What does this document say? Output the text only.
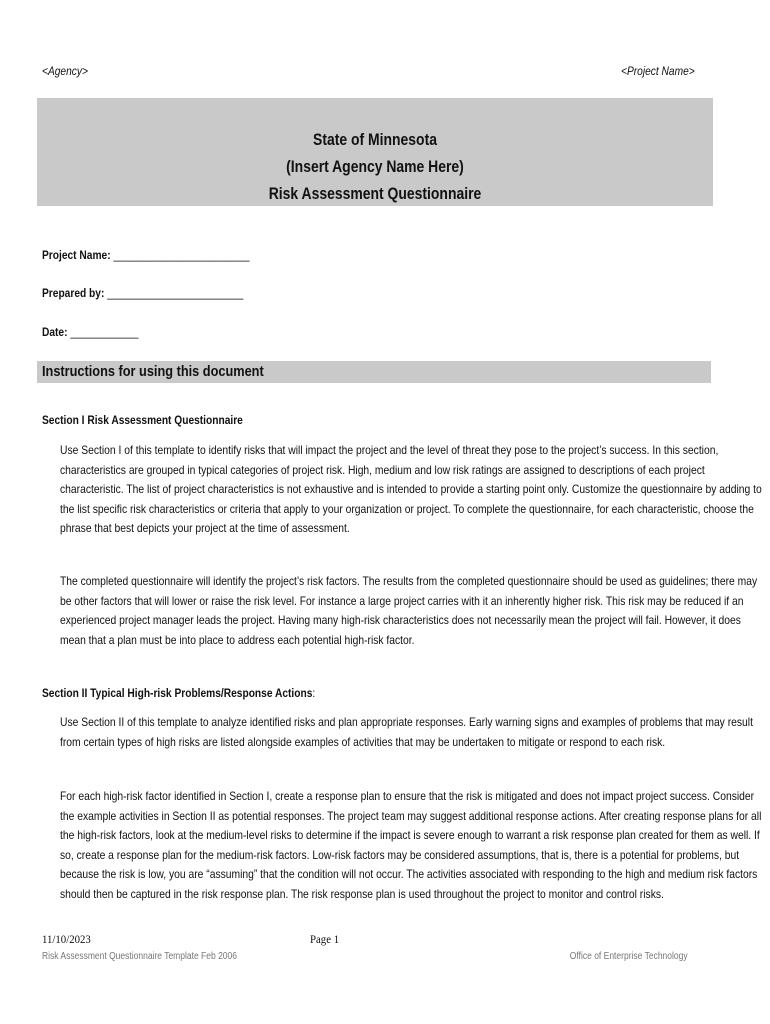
<Agency>	<Project Name>
State of Minnesota
(Insert Agency Name Here)
Risk Assessment Questionnaire
Project Name: ________________________
Prepared by: ________________________
Date: ____________
Instructions for using this document
Section I Risk Assessment Questionnaire
Use Section I of this template to identify risks that will impact the project and the level of threat they pose to the project’s success. In this section,
characteristics are grouped in typical categories of project risk. High, medium and low risk ratings are assigned to descriptions of each project
characteristic. The list of project characteristics is not exhaustive and is intended to provide a starting point only. Customize the questionnaire by adding to
the list specific risk characteristics or criteria that apply to your organization or project. To complete the questionnaire, for each characteristic, choose the
phrase that best depicts your project at the time of assessment.
The completed questionnaire will identify the project’s risk factors. The results from the completed questionnaire should be used as guidelines; there may
be other factors that will lower or raise the risk level. For instance a large project carries with it an inherently higher risk. This risk may be reduced if an
experienced project manager leads the project. Having many high-risk characteristics does not necessarily mean the project will fail. However, it does
mean that a plan must be into place to address each potential high-risk factor.
Section II Typical High-risk Problems/Response Actions:
Use Section II of this template to analyze identified risks and plan appropriate responses. Early warning signs and examples of problems that may result
from certain types of high risks are listed alongside examples of activities that may be undertaken to mitigate or respond to each risk.
For each high-risk factor identified in Section I, create a response plan to ensure that the risk is mitigated and does not impact project success. Consider
the example activities in Section II as potential responses. The project team may suggest additional response actions. After creating response plans for all
the high-risk factors, look at the medium-level risks to determine if the impact is severe enough to warrant a risk response plan created for them as well. If
so, create a response plan for the medium-risk factors. Low-risk factors may be considered assumptions, that is, there is a potential for problems, but
because the risk is low, you are “assuming” that the condition will not occur. The activities associated with responding to the high and medium risk factors
should then be captured in the risk response plan. The risk response plan is used throughout the project to monitor and control risks.
11/10/2023	Page 1
Risk Assessment Questionnaire Template Feb 2006	Office of Enterprise Technology
